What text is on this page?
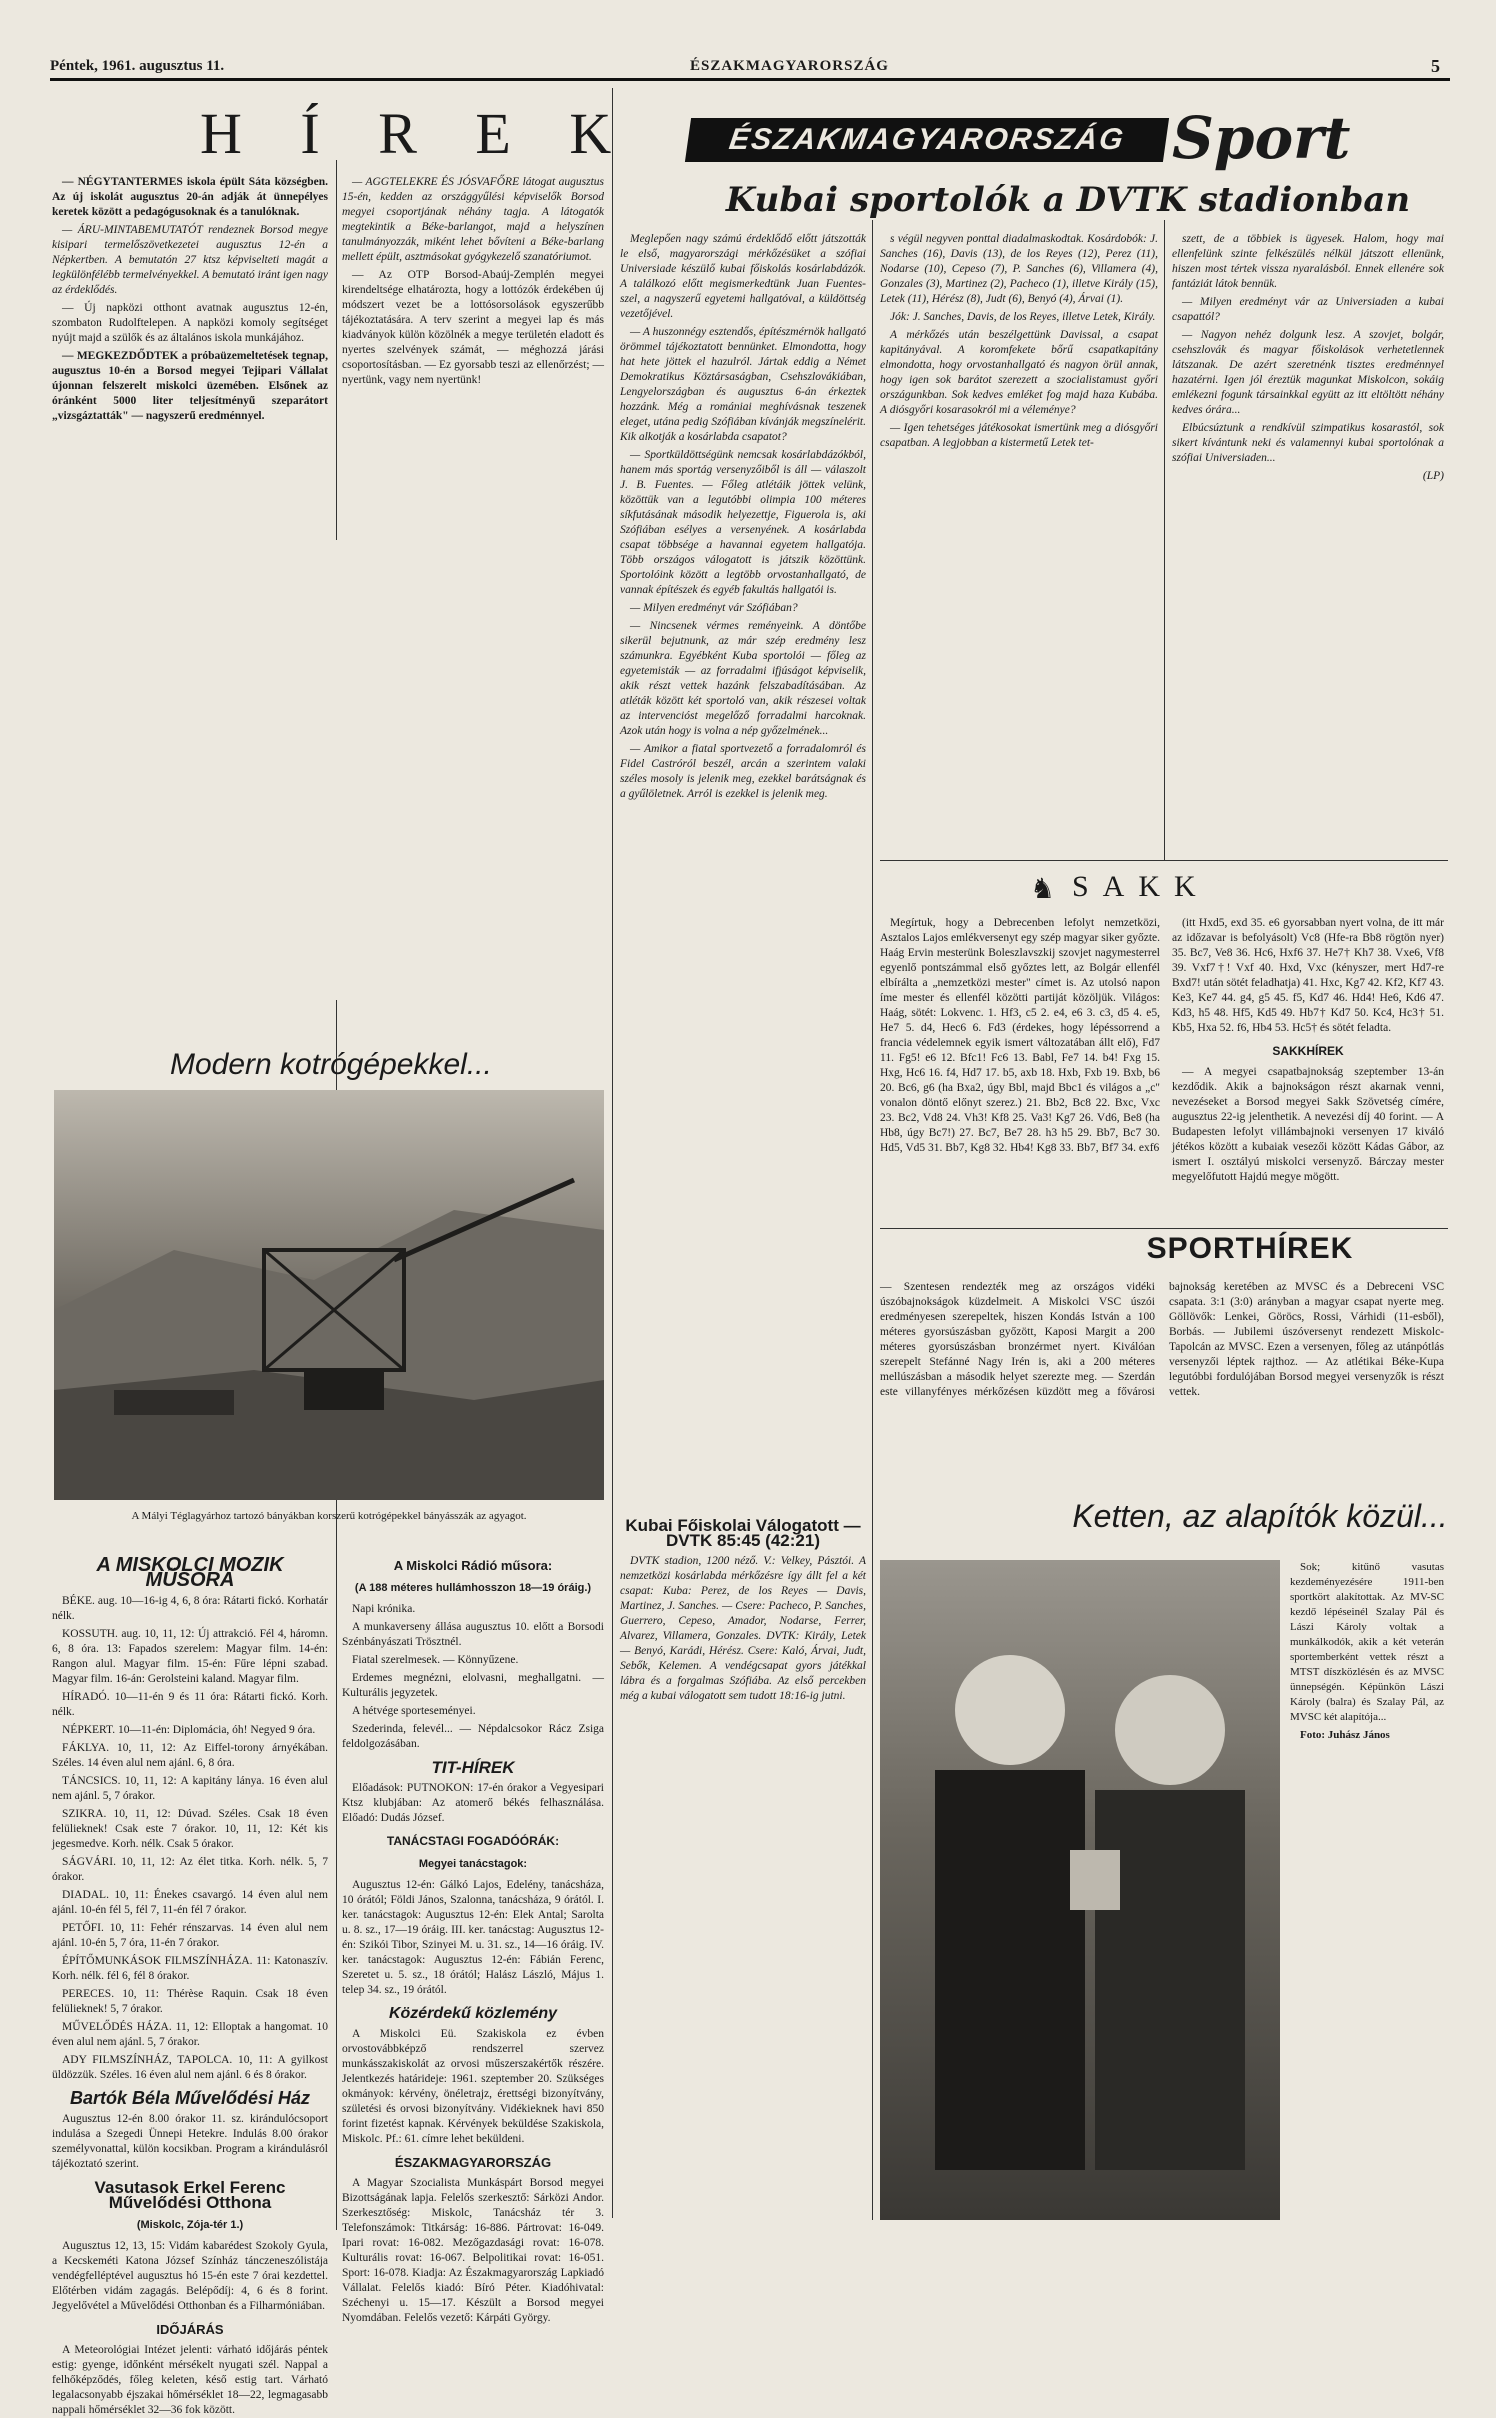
Péntek, 1961. augusztus 11.	ÉSZAKMAGYARORSZÁG	5
H Í R E K

— NÉGYTANTERMES iskola épült Sáta községben. Az új iskolát augusztus 20-án adják át ünnepélyes keretek között a pedagógusoknak és a tanulóknak.

— ÁRU-MINTABEMUTATÓT rendeznek Borsod megye kisipari termelőszövetkezetei augusztus 12-én a Népkertben. A bemutatón 27 ktsz képviselteti magát a legkülönfélébb termelvényekkel. A bemutató iránt igen nagy az érdeklődés.

— Új napközi otthont avatnak augusztus 12-én, szombaton Rudolftelepen. A napközi komoly segítséget nyújt majd a szülők és az általános iskola munkájához.

— MEGKEZDŐDTEK a próbaüzemeltetések tegnap, augusztus 10-én a Borsod megyei Tejipari Vállalat újonnan felszerelt miskolci üzemében. Elsőnek az óránként 5000 liter teljesítményű szeparátort „vizsgáztatták" — nagyszerű eredménnyel.

— AGGTELEKRE ÉS JÓSVAFŐRE látogat augusztus 15-én, kedden az országgyűlési képviselők Borsod megyei csoportjának néhány tagja. A látogatók megtekintik a Béke-barlangot, majd a helyszínen tanulmányozzák, miként lehet bővíteni a Béke-barlang mellett épült, asztmásokat gyógykezelő szanatóriumot.

— Az OTP Borsod-Abaúj-Zemplén megyei kirendeltsége elhatározta, hogy a lottózók érdekében új módszert vezet be a lottósorsolások egyszerűbb tájékoztatására. A terv szerint a megyei lap és más kiadványok külön közölnék a megye területén eladott és nyertes szelvények számát, — méghozzá járási csoportosításban. — Ez gyorsabb teszi az ellenőrzést; — nyertünk, vagy nem nyertünk!

Modern kotrógépekkel...
A Mályi Téglagyárhoz tartozó bányákban korszerű kotrógépekkel bányásszák az agyagot.
A MISKOLCI MOZIK MŰSORA

BÉKE. aug. 10—16-ig 4, 6, 8 óra: Rátarti fickó. Korhatár nélk.

KOSSUTH. aug. 10, 11, 12: Új attrakció. Fél 4, háromn. 6, 8 óra. 13: Fapados szerelem: Magyar film. 14-én: Rangon alul. Magyar film. 15-én: Fűre lépni szabad. Magyar film. 16-án: Gerolsteini kaland. Magyar film.

HÍRADÓ. 10—11-én 9 és 11 óra: Rátarti fickó. Korh. nélk.

NÉPKERT. 10—11-én: Diplomácia, óh! Negyed 9 óra.

FÁKLYA. 10, 11, 12: Az Eiffel-torony árnyékában. Széles. 14 éven alul nem ajánl. 6, 8 óra.

TÁNCSICS. 10, 11, 12: A kapitány lánya. 16 éven alul nem ajánl. 5, 7 órakor.

SZIKRA. 10, 11, 12: Dúvad. Széles. Csak 18 éven felülieknek! Csak este 7 órakor. 10, 11, 12: Két kis jegesmedve. Korh. nélk. Csak 5 órakor.

SÁGVÁRI. 10, 11, 12: Az élet titka. Korh. nélk. 5, 7 órakor.

DIADAL. 10, 11: Énekes csavargó. 14 éven alul nem ajánl. 10-én fél 5, fél 7, 11-én fél 7 órakor.

PETŐFI. 10, 11: Fehér rénszarvas. 14 éven alul nem ajánl. 10-én 5, 7 óra, 11-én 7 órakor.

ÉPÍTŐMUNKÁSOK FILMSZÍNHÁZA. 11: Katonaszív. Korh. nélk. fél 6, fél 8 órakor.

PERECES. 10, 11: Thérèse Raquin. Csak 18 éven felülieknek! 5, 7 órakor.

MŰVELŐDÉS HÁZA. 11, 12: Elloptak a hangomat. 10 éven alul nem ajánl. 5, 7 órakor.

ADY FILMSZÍNHÁZ, TAPOLCA. 10, 11: A gyilkost üldözzük. Széles. 16 éven alul nem ajánl. 6 és 8 órakor.

Bartók Béla Művelődési Ház

Augusztus 12-én 8.00 órakor 11. sz. kirándulócsoport indulása a Szegedi Ünnepi Hetekre. Indulás 8.00 órakor személyvonattal, külön kocsikban. Program a kirándulásról tájékoztató szerint.

Vasutasok Erkel Ferenc Művelődési Otthona
(Miskolc, Zója-tér 1.)

Augusztus 12, 13, 15: Vidám kabarédest Szokoly Gyula, a Kecskeméti Katona József Színház tánczeneszólistája vendégfelléptével augusztus hó 15-én este 7 órai kezdettel. Előtérben vidám zagagás. Belépődíj: 4, 6 és 8 forint. Jegyelővétel a Művelődési Otthonban és a Filharmóniában.

IDŐJÁRÁS

A Meteorológiai Intézet jelenti: várható időjárás péntek estig: gyenge, időnként mérsékelt nyugati szél. Nappal a felhőképződés, főleg keleten, késő estig tart. Várható legalacsonyabb éjszakai hőmérséklet 18—22, legmagasabb nappali hőmérséklet 32—36 fok között.

A Miskolci Rádió műsora:
(A 188 méteres hullámhosszon 18—19 óráig.)

Napi krónika.

A munkaverseny állása augusztus 10. előtt a Borsodi Szénbányászati Trösztnél.

Fiatal szerelmesek. — Könnyűzene.

Erdemes megnézni, elolvasni, meghallgatni. — Kulturális jegyzetek.

A hétvége sporteseményei.

Szederinda, felevél... — Népdalcsokor Rácz Zsiga feldolgozásában.

TIT-HÍREK

Előadások: PUTNOKON: 17-én órakor a Vegyesipari Ktsz klubjában: Az atomerő békés felhasználása. Előadó: Dudás József.

TANÁCSTAGI FOGADÓÓRÁK:
Megyei tanácstagok:

Augusztus 12-én: Gálkó Lajos, Edelény, tanácsháza, 10 órától; Földi János, Szalonna, tanácsháza, 9 órától. I. ker. tanácstagok: Augusztus 12-én: Elek Antal; Sarolta u. 8. sz., 17—19 óráig. III. ker. tanácstag: Augusztus 12-én: Szikói Tibor, Szinyei M. u. 31. sz., 14—16 óráig. IV. ker. tanácstagok: Augusztus 12-én: Fábián Ferenc, Szeretet u. 5. sz., 18 órától; Halász László, Május 1. telep 34. sz., 19 órától.

Közérdekű közlemény

A Miskolci Eü. Szakiskola ez évben orvostovábbképző rendszerrel szervez munkásszakiskolát az orvosi műszerszakértők részére. Jelentkezés határideje: 1961. szeptember 20. Szükséges okmányok: kérvény, önéletrajz, érettségi bizonyítvány, születési és orvosi bizonyítvány. Vidékieknek havi 850 forint fizetést kapnak. Kérvények beküldése Szakiskola, Miskolc. Pf.: 61. címre lehet beküldeni.

ÉSZAKMAGYARORSZÁG

A Magyar Szocialista Munkáspárt Borsod megyei Bizottságának lapja. Felelős szerkesztő: Sárközi Andor. Szerkesztőség: Miskolc, Tanácsház tér 3. Telefonszámok: Titkárság: 16-886. Pártrovat: 16-049. Ipari rovat: 16-082. Mezőgazdasági rovat: 16-078. Kulturális rovat: 16-067. Belpolitikai rovat: 16-051. Sport: 16-078. Kiadja: Az Északmagyarország Lapkiadó Vállalat. Felelős kiadó: Bíró Péter. Kiadóhivatal: Széchenyi u. 15—17. Készült a Borsod megyei Nyomdában. Felelős vezető: Kárpáti György.

ÉSZAKMAGYARORSZÁG Sport
Kubai sportolók a DVTK stadionban

Meglepően nagy számú érdeklődő előtt játszották le első, magyarországi mérkőzésüket a szófiai Universiade készülő kubai főiskolás kosárlabdázók. A találkozó előtt megismerkedtünk Juan Fuentes-szel, a nagyszerű egyetemi hallgatóval, a küldöttség vezetőjével.

— A huszonnégy esztendős, építészmérnök hallgató örömmel tájékoztatott bennünket. Elmondotta, hogy hat hete jöttek el hazulról. Jártak eddig a Német Demokratikus Köztársaságban, Csehszlovákiában, Lengyelországban és augusztus 6-án érkeztek hozzánk. Még a romániai meghívásnak teszenek eleget, utána pedig Szófiában kívánják megszínelérit. Kik alkotják a kosárlabda csapatot?

— Sportküldöttségünk nemcsak kosárlabdázókból, hanem más sportág versenyzőiből is áll — válaszolt J. B. Fuentes. — Főleg atlétáik jöttek velünk, közöttük van a legutóbbi olimpia 100 méteres síkfutásának második helyezettje, Figuerola is, aki Szófiában esélyes a versenyének. A kosárlabda csapat többsége a havannai egyetem hallgatója. Több országos válogatott is játszik közöttünk. Sportolóink között a legtöbb orvostanhallgató, de vannak építészek és egyéb fakultás hallgatói is.

— Milyen eredményt vár Szófiában?

— Nincsenek vérmes reményeink. A döntőbe sikerül bejutnunk, az már szép eredmény lesz számunkra. Egyébként Kuba sportolói — főleg az egyetemisták — az forradalmi ifjúságot képviselik, akik részt vettek hazánk felszabadításában. Az atléták között két sportoló van, akik részesei voltak az intervencióst megelőző forradalmi harcoknak. Azok után hogy is volna a nép győzelmének...

— Amikor a fiatal sportvezető a forradalomról és Fidel Castróról beszél, arcán a szerintem valaki széles mosoly is jelenik meg, ezekkel barátságnak és a gyűlöletnek. Arról is ezekkel is jelenik meg.

Kubai Főiskolai Válogatott — DVTK 85:45 (42:21)

DVTK stadion, 1200 néző. V.: Velkey, Pásztói. A nemzetközi kosárlabda mérkőzésre így állt fel a két csapat: Kuba: Perez, de los Reyes — Davis, Martinez, J. Sanches. — Csere: Pacheco, P. Sanches, Guerrero, Cepeso, Amador, Nodarse, Ferrer, Alvarez, Villamera, Gonzales. DVTK: Király, Letek — Benyó, Karádi, Hérész. Csere: Kaló, Árvai, Judt, Sebők, Kelemen. A vendégcsapat gyors játékkal lábra és a forgalmas Szófiába. Az első percekben még a kubai válogatott sem tudott 18:16-ig jutni.

s végül negyven ponttal diadalmaskodtak. Kosárdobók: J. Sanches (16), Davis (13), de los Reyes (12), Perez (11), Nodarse (10), Cepeso (7), P. Sanches (6), Villamera (4), Gonzales (3), Martinez (2), Pacheco (1), illetve Király (15), Letek (11), Hérész (8), Judt (6), Benyó (4), Árvai (1).

Jók: J. Sanches, Davis, de los Reyes, illetve Letek, Király.

A mérkőzés után beszélgettünk Davissal, a csapat kapitányával. A koromfekete bőrű csapatkapitány elmondotta, hogy orvostanhallgató és nagyon örül annak, hogy igen sok barátot szerezett a szocialistamust győri országunkban. Sok kedves emléket fog majd haza Kubába. A diósgyőri kosarasokról mi a véleménye?

— Igen tehetséges játékosokat ismertünk meg a diósgyőri csapatban. A legjobban a kistermetű Letek tet-

szett, de a többiek is ügyesek. Halom, hogy mai ellenfelünk szinte felkészülés nélkül játszott ellenünk, hiszen most tértek vissza nyaralásból. Ennek ellenére sok fantáziát látok bennük.

— Milyen eredményt vár az Universiaden a kubai csapattól?

— Nagyon nehéz dolgunk lesz. A szovjet, bolgár, csehszlovák és magyar főiskolások verhetetlennek látszanak. De azért szeretnénk tisztes eredménnyel hazatérni. Igen jól éreztük magunkat Miskolcon, sokáig emlékezni fogunk társainkkal együtt az itt eltöltött néhány kedves órára...

Elbúcsúztunk a rendkívül szimpatikus kosarastól, sok sikert kívántunk neki és valamennyi kubai sportolónak a szófiai Universiaden...

(LP)

♞ SAKK

Megírtuk, hogy a Debrecenben lefolyt nemzetközi, Asztalos Lajos emlékversenyt egy szép magyar siker győzte. Haág Ervin mesterünk Boleszlavszkij szovjet nagymesterrel egyenlő pontszámmal első győztes lett, az Bolgár ellenfél elbírálta a „nemzetközi mester" címet is. Az utolsó napon íme mester és ellenfél közötti partiját közöljük. Világos: Haág, sötét: Lokvenc. 1. Hf3, c5 2. e4, e6 3. c3, d5 4. e5, He7 5. d4, Hec6 6. Fd3 (érdekes, hogy lépéssorrend a francia védelemnek egyik ismert változatában állt elő), Fd7 11. Fg5! e6 12. Bfc1! Fc6 13. Babl, Fe7 14. b4! Fxg 15. Hxg, Hc6 16. f4, Hd7 17. b5, axb 18. Hxb, Fxb 19. Bxb, b6 20. Bc6, g6 (ha Bxa2, úgy Bbl, majd Bbc1 és világos a „c" vonalon döntő előnyt szerez.) 21. Bb2, Bc8 22. Bxc, Vxc 23. Bc2, Vd8 24. Vh3! Kf8 25. Va3! Kg7 26. Vd6, Be8 (ha Hb8, úgy Bc7!) 27. Bc7, Be7 28. h3 h5 29. Bb7, Bc7 30. Hd5, Vd5 31. Bb7, Kg8 32. Hb4! Kg8 33. Bb7, Bf7 34. exf6

(itt Hxd5, exd 35. e6 gyorsabban nyert volna, de itt már az időzavar is befolyásolt) Vc8 (Hfe-ra Bb8 rögtön nyer) 35. Bc7, Ve8 36. Hc6, Hxf6 37. He7† Kh7 38. Vxe6, Vf8 39. Vxf7†! Vxf 40. Hxd, Vxc (kényszer, mert Hd7-re Bxd7! után sötét feladhatja) 41. Hxc, Kg7 42. Kf2, Kf7 43. Ke3, Ke7 44. g4, g5 45. f5, Kd7 46. Hd4! He6, Kd6 47. Kd3, h5 48. Hf5, Kd5 49. Hb7† Kd7 50. Kc4, Hc3† 51. Kb5, Hxa 52. f6, Hb4 53. Hc5† és sötét feladta.

SAKKHÍREK

— A megyei csapatbajnokság szeptember 13-án kezdődik. Akik a bajnokságon részt akarnak venni, nevezéseket a Borsod megyei Sakk Szövetség címére, augusztus 22-ig jelenthetik. A nevezési díj 40 forint. — A Budapesten lefolyt villámbajnoki versenyen 17 kiváló jétékos között a kubaiak vesezői között Kádas Gábor, az ismert I. osztályú miskolci versenyző. Bárczay mester megyelőfutott Hajdú megye mögött.

SPORTHÍREK
— Szentesen rendezték meg az országos vidéki úszóbajnokságok küzdelmeit. A Miskolci VSC úszói eredményesen szerepeltek, hiszen Kondás István a 100 méteres gyorsúszásban győzött, Kaposi Margit a 200 méteres gyorsúszásban bronzérmet nyert. Kiválóan szerepelt Stefánné Nagy Irén is, aki a 200 méteres mellúszásban a második helyet szerezte meg. — Szerdán este villanyfényes mérkőzésen küzdött meg a fővárosi bajnokság keretében az MVSC és a Debreceni VSC csapata. 3:1 (3:0) arányban a magyar csapat nyerte meg. Göllövők: Lenkei, Göröcs, Rossi, Várhidi (11-esből), Borbás. — Jubilemi úszóversenyt rendezett Miskolc-Tapolcán az MVSC. Ezen a versenyen, főleg az utánpótlás versenyzői léptek rajthoz. — Az atlétikai Béke-Kupa legutóbbi fordulójában Borsod megyei versenyzők is részt vettek.
Ketten, az alapítók közül...

Sok; kitűnő vasutas kezdeményezésére 1911-ben sportkört alakítottak. Az MV-SC kezdő lépéseinél Szalay Pál és Lászi Károly voltak a munkálkodók, akik a két veterán sportemberként vettek részt a MTST díszközlésén és az MVSC ünnepségén. Képünkön Lászi Károly (balra) és Szalay Pál, az MVSC két alapítója...

Foto: Juhász János
